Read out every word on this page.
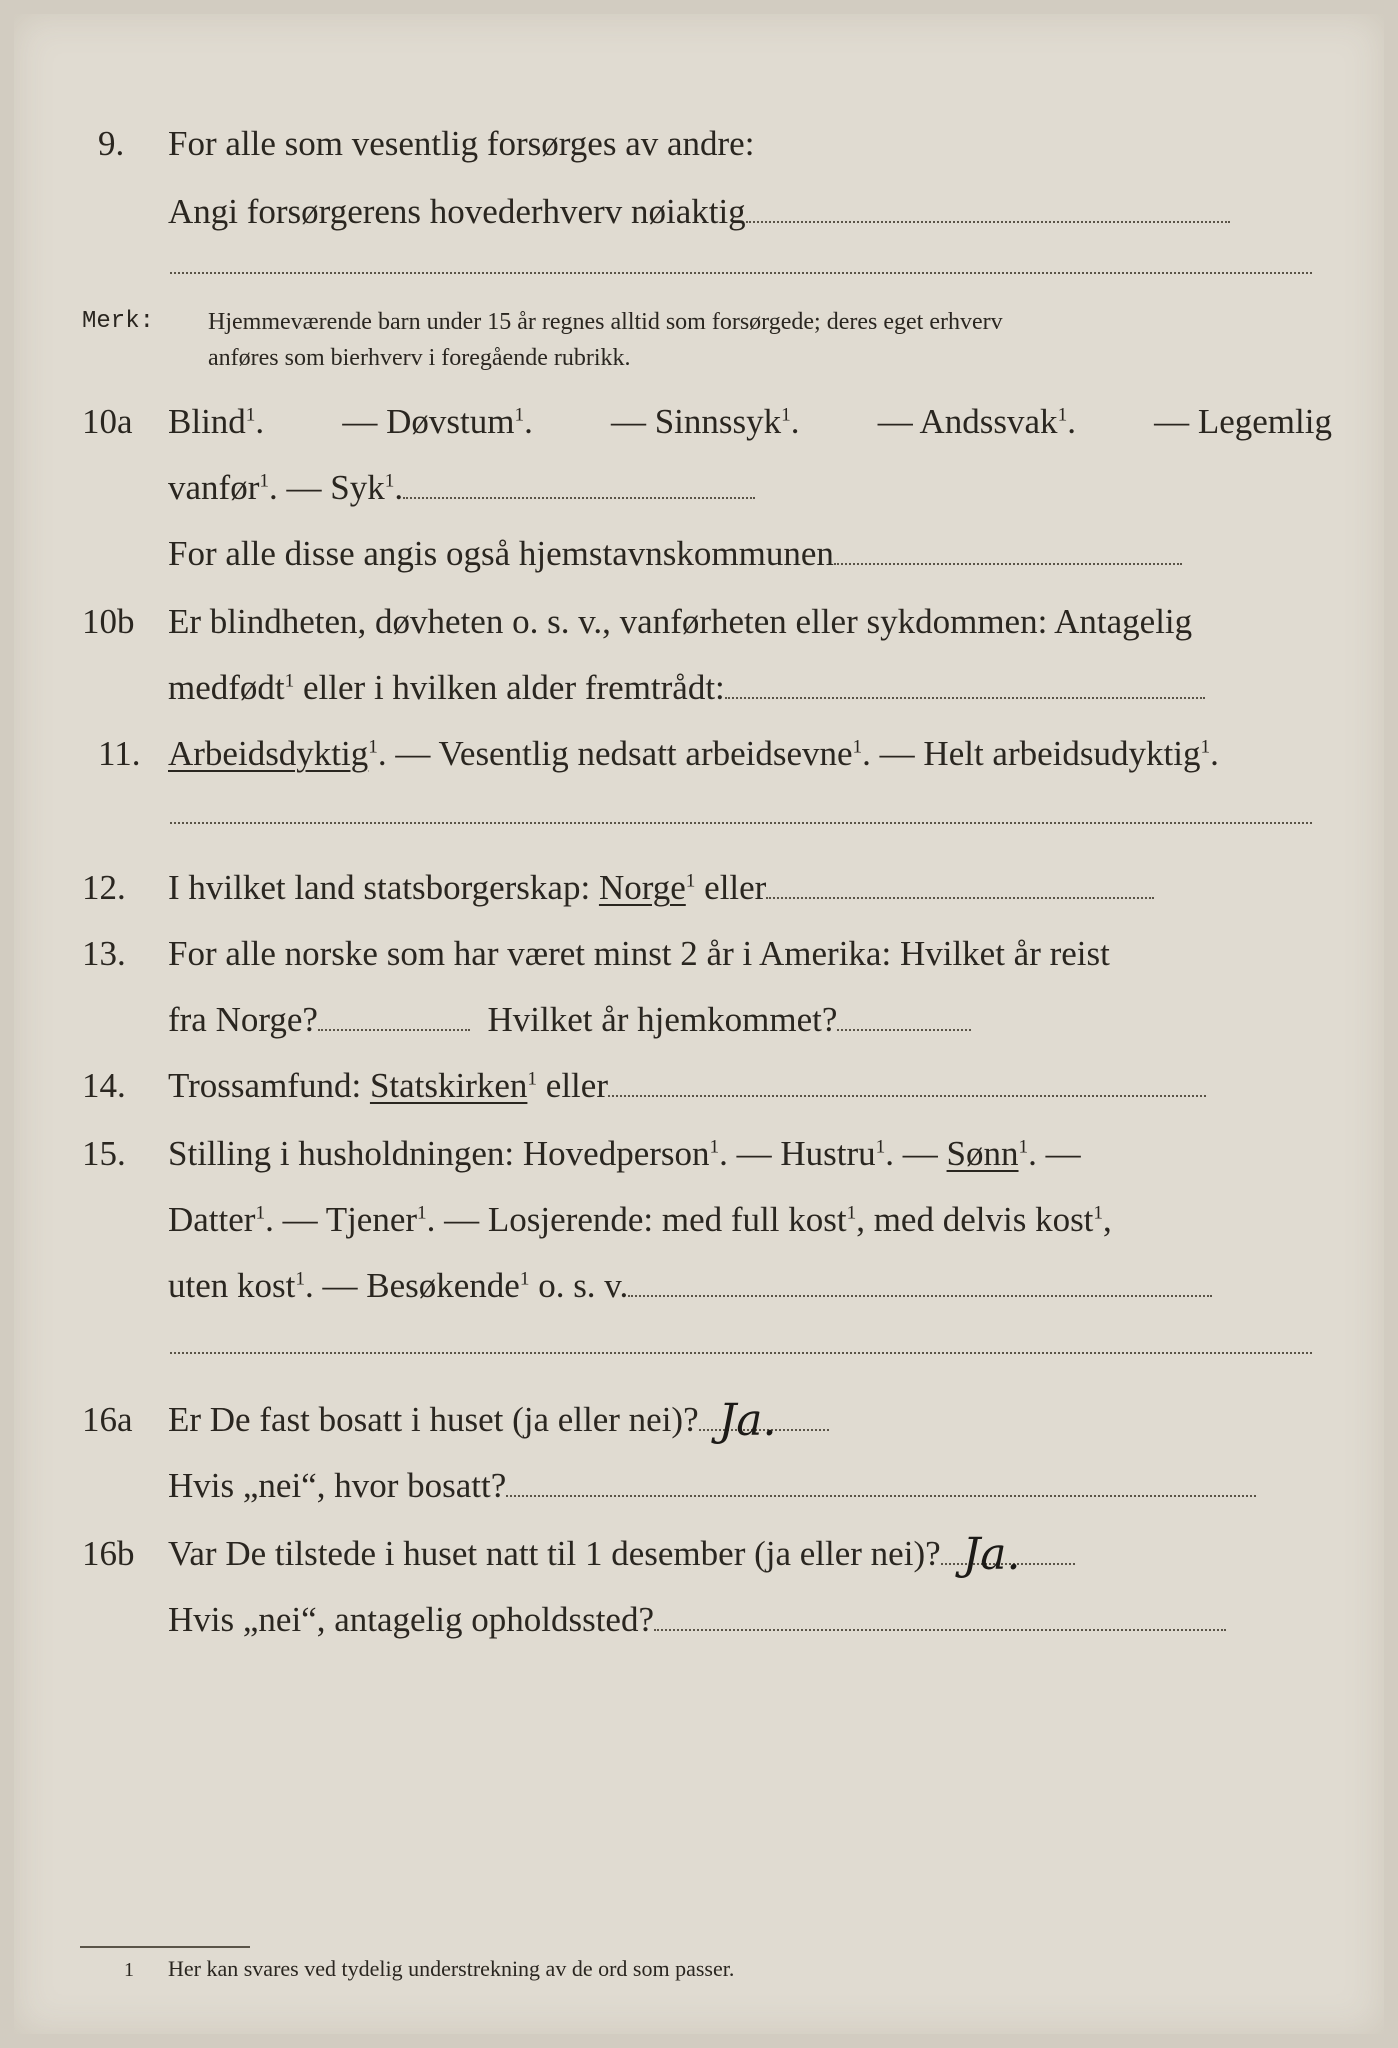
9. For alle som vesentlig forsørges av andre:
Angi forsørgerens hovederhverv nøiaktig
Merk: Hjemmeværende barn under 15 år regnes alltid som forsørgede; deres eget erhverv
anføres som bierhverv i foregående rubrikk.
10a Blind$^1$. — Døvstum$^1$. — Sinnssyk$^1$. — Andssvak$^1$. — Legemlig
vanfør$^1$. — Syk$^1$.
For alle disse angis også hjemstavnskommunen
10b Er blindheten, døvheten o. s. v., vanførheten eller sykdommen: Antagelig
medfødt$^1$ eller i hvilken alder fremtrådt:
11. Arbeidsdyktig$^1$. — Vesentlig nedsatt arbeidsevne$^1$. — Helt arbeidsudyktig$^1$.
12. I hvilket land statsborgerskap: Norge$^1$ eller
13. For alle norske som har været minst 2 år i Amerika: Hvilket år reist
fra Norge?	Hvilket år hjemkommet?
14. Trossamfund: Statskirken$^1$ eller
15. Stilling i husholdningen: Hovedperson$^1$. — Hustru$^1$. — Sønn$^1$. —
Datter$^1$. — Tjener$^1$. — Losjerende: med full kost$^1$, med delvis kost$^1$,
uten kost$^1$. — Besøkende$^1$ o. s. v.
16a Er De fast bosatt i huset (ja eller nei)? Ja.
Hvis „nei“, hvor bosatt?
16b Var De tilstede i huset natt til 1 desember (ja eller nei)? Ja.
Hvis „nei“, antagelig opholdssted?
1 Her kan svares ved tydelig understrekning av de ord som passer.
